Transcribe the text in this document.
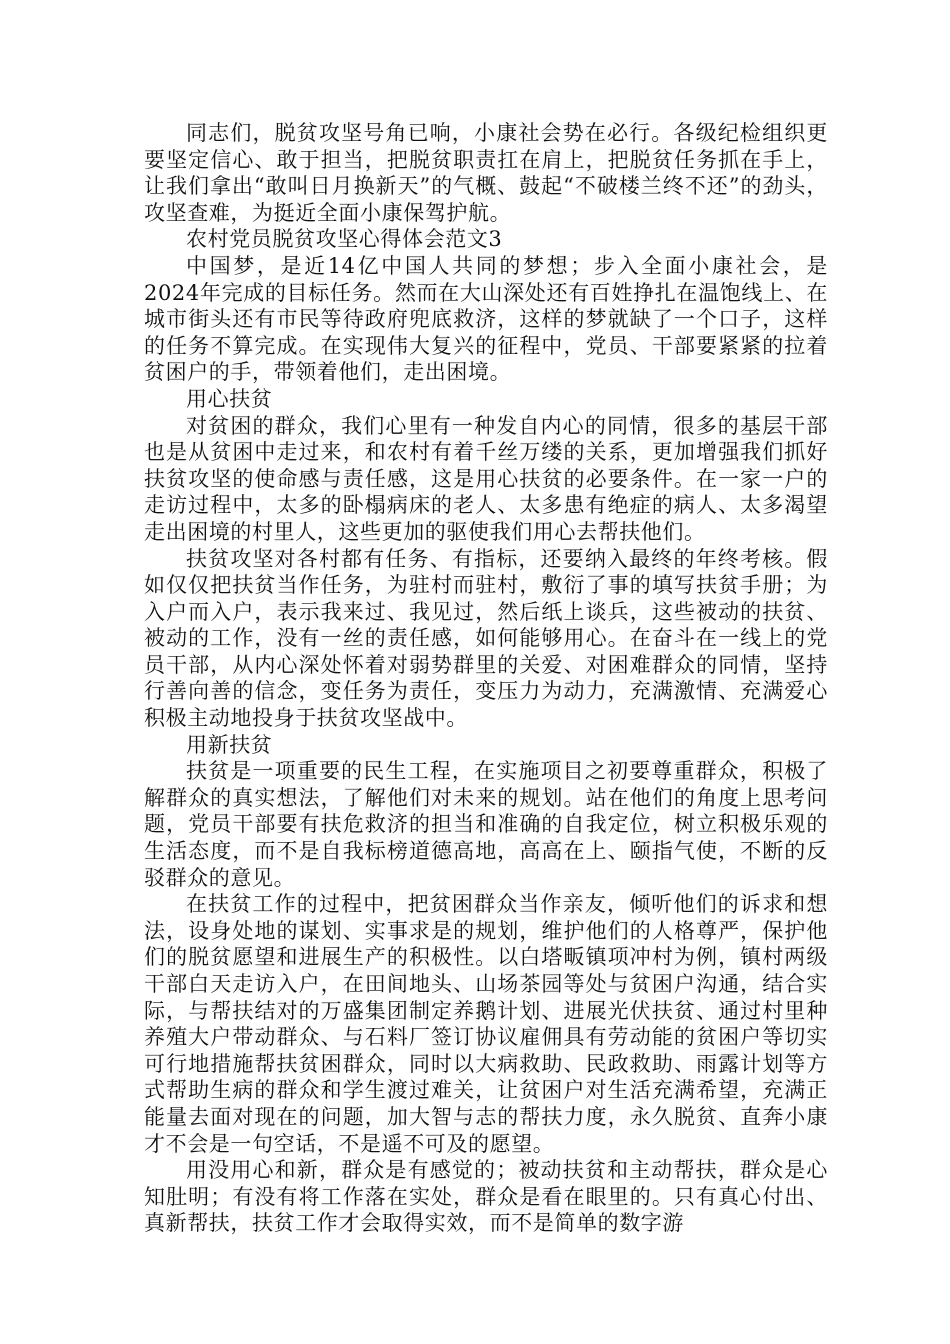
同志们，脱贫攻坚号角已响，小康社会势在必行。各级纪检组织更要坚定信心、敢于担当，把脱贫职责扛在肩上，把脱贫任务抓在手上，让我们拿出“敢叫日月换新天”的气概、鼓起“不破楼兰终不还”的劲头，攻坚查难，为挺近全面小康保驾护航。

农村党员脱贫攻坚心得体会范文3

中国梦，是近14亿中国人共同的梦想；步入全面小康社会，是2024年完成的目标任务。然而在大山深处还有百姓挣扎在温饱线上、在城市街头还有市民等待政府兜底救济，这样的梦就缺了一个口子，这样的任务不算完成。在实现伟大复兴的征程中，党员、干部要紧紧的拉着贫困户的手，带领着他们，走出困境。

用心扶贫

对贫困的群众，我们心里有一种发自内心的同情，很多的基层干部也是从贫困中走过来，和农村有着千丝万缕的关系，更加增强我们抓好扶贫攻坚的使命感与责任感，这是用心扶贫的必要条件。在一家一户的走访过程中，太多的卧榻病床的老人、太多患有绝症的病人、太多渴望走出困境的村里人，这些更加的驱使我们用心去帮扶他们。

扶贫攻坚对各村都有任务、有指标，还要纳入最终的年终考核。假如仅仅把扶贫当作任务，为驻村而驻村，敷衍了事的填写扶贫手册；为入户而入户，表示我来过、我见过，然后纸上谈兵，这些被动的扶贫、被动的工作，没有一丝的责任感，如何能够用心。在奋斗在一线上的党员干部，从内心深处怀着对弱势群里的关爱、对困难群众的同情，坚持行善向善的信念，变任务为责任，变压力为动力，充满激情、充满爱心积极主动地投身于扶贫攻坚战中。

用新扶贫

扶贫是一项重要的民生工程，在实施项目之初要尊重群众，积极了解群众的真实想法，了解他们对未来的规划。站在他们的角度上思考问题，党员干部要有扶危救济的担当和准确的自我定位，树立积极乐观的生活态度，而不是自我标榜道德高地，高高在上、颐指气使，不断的反驳群众的意见。

在扶贫工作的过程中，把贫困群众当作亲友，倾听他们的诉求和想法，设身处地的谋划、实事求是的规划，维护他们的人格尊严，保护他们的脱贫愿望和进展生产的积极性。以白塔畈镇项冲村为例，镇村两级干部白天走访入户，在田间地头、山场茶园等处与贫困户沟通，结合实际，与帮扶结对的万盛集团制定养鹅计划、进展光伏扶贫、通过村里种养殖大户带动群众、与石料厂签订协议雇佣具有劳动能的贫困户等切实可行地措施帮扶贫困群众，同时以大病救助、民政救助、雨露计划等方式帮助生病的群众和学生渡过难关，让贫困户对生活充满希望，充满正能量去面对现在的问题，加大智与志的帮扶力度，永久脱贫、直奔小康才不会是一句空话，不是遥不可及的愿望。

用没用心和新，群众是有感觉的；被动扶贫和主动帮扶，群众是心知肚明；有没有将工作落在实处，群众是看在眼里的。只有真心付出、真新帮扶，扶贫工作才会取得实效，而不是简单的数字游
